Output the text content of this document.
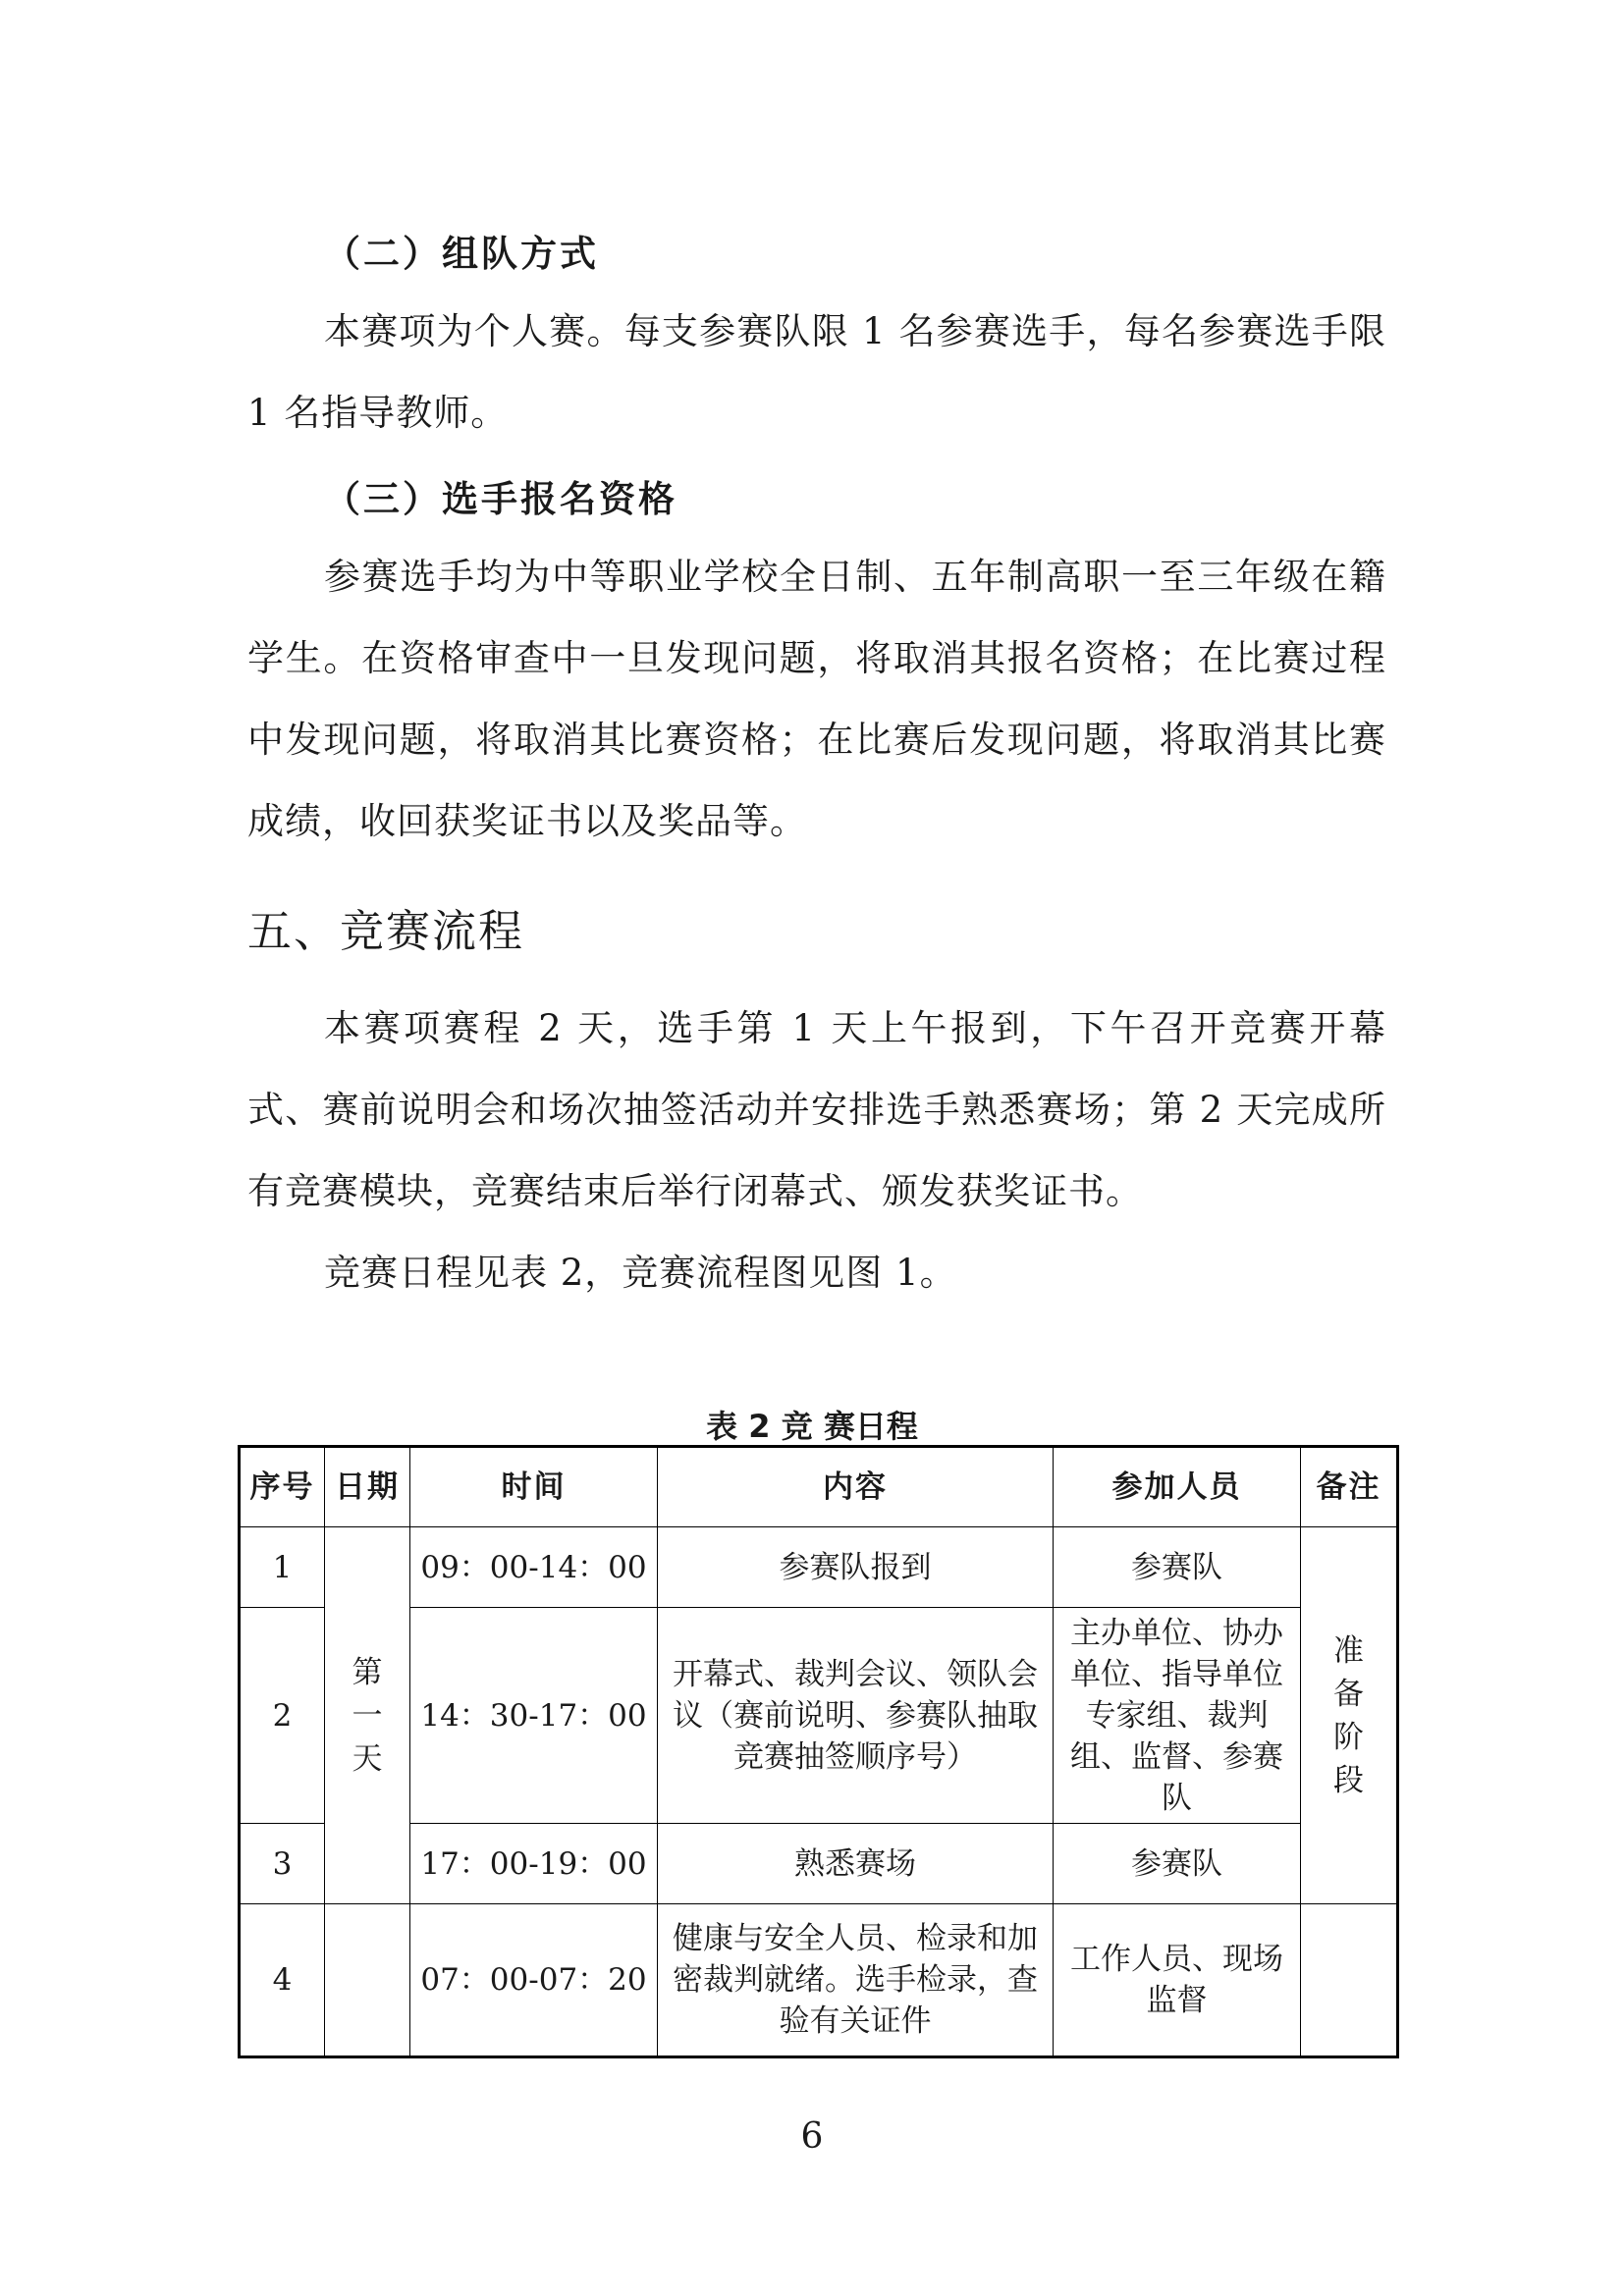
（二）组队方式

本赛项为个人赛。每支参赛队限 1 名参赛选手，每名参赛选手限 1 名指导教师。

（三）选手报名资格

参赛选手均为中等职业学校全日制、五年制高职一至三年级在籍学生。在资格审查中一旦发现问题，将取消其报名资格；在比赛过程中发现问题，将取消其比赛资格；在比赛后发现问题，将取消其比赛成绩，收回获奖证书以及奖品等。

五、竞赛流程

本赛项赛程 2 天，选手第 1 天上午报到，下午召开竞赛开幕式、赛前说明会和场次抽签活动并安排选手熟悉赛场；第 2 天完成所有竞赛模块，竞赛结束后举行闭幕式、颁发获奖证书。

竞赛日程见表 2，竞赛流程图见图 1。

表 2 竞 赛日程
序号	日期	时间	内容	参加人员	备注
1	第一天	09：00-14：00	参赛队报到	参赛队	准备阶段
2		14：30-17：00	开幕式、裁判会议、领队会议（赛前说明、参赛队抽取竞赛抽签顺序号）	主办单位、协办单位、指导单位专家组、裁判组、监督、参赛队	
3		17：00-19：00	熟悉赛场	参赛队	
4		07：00-07：20	健康与安全人员、检录和加密裁判就绪。选手检录，查验有关证件	工作人员、现场监督	
6
